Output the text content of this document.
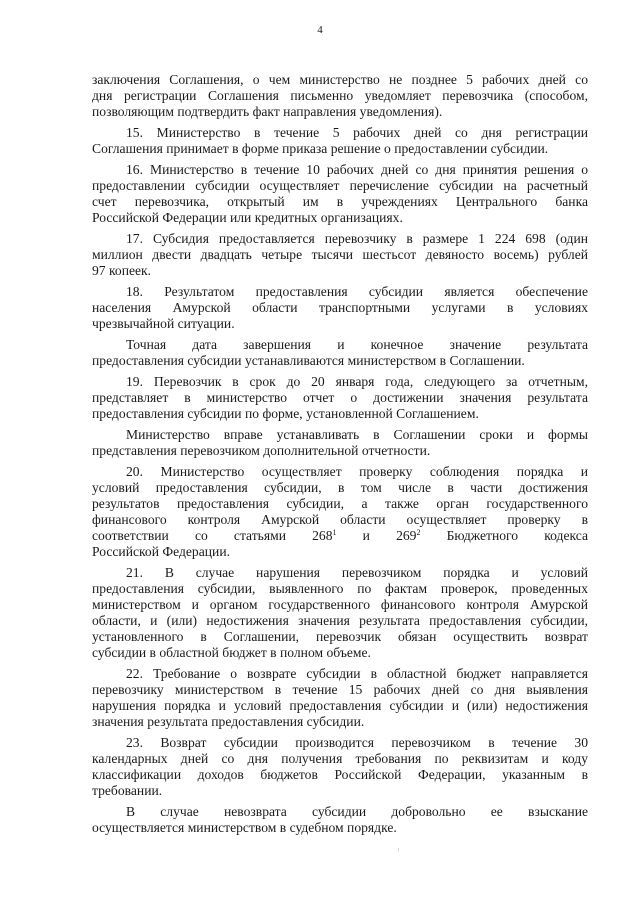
4
заключения Соглашения, о чем министерство не позднее 5 рабочих дней со
дня регистрации Соглашения письменно уведомляет перевозчика (способом,
позволяющим подтвердить факт направления уведомления).
15. Министерство в течение 5 рабочих дней со дня регистрации
Соглашения принимает в форме приказа решение о предоставлении субсидии.
16. Министерство в течение 10 рабочих дней со дня принятия решения о
предоставлении субсидии осуществляет перечисление субсидии на расчетный
счет перевозчика, открытый им в учреждениях Центрального банка
Российской Федерации или кредитных организациях.
17. Субсидия предоставляется перевозчику в размере 1 224 698 (один
миллион двести двадцать четыре тысячи шестьсот девяносто восемь) рублей
97 копеек.
18. Результатом предоставления субсидии является обеспечение
населения Амурской области транспортными услугами в условиях
чрезвычайной ситуации.
Точная дата завершения и конечное значение результата
предоставления субсидии устанавливаются министерством в Соглашении.
19. Перевозчик в срок до 20 января года, следующего за отчетным,
представляет в министерство отчет о достижении значения результата
предоставления субсидии по форме, установленной Соглашением.
Министерство вправе устанавливать в Соглашении сроки и формы
представления перевозчиком дополнительной отчетности.
20. Министерство осуществляет проверку соблюдения порядка и
условий предоставления субсидии, в том числе в части достижения
результатов предоставления субсидии, а также орган государственного
финансового контроля Амурской области осуществляет проверку в
соответствии со статьями $268^1$ и $269^2$ Бюджетного кодекса
Российской Федерации.
21. В случае нарушения перевозчиком порядка и условий
предоставления субсидии, выявленного по фактам проверок, проведенных
министерством и органом государственного финансового контроля Амурской
области, и (или) недостижения значения результата предоставления субсидии,
установленного в Соглашении, перевозчик обязан осуществить возврат
субсидии в областной бюджет в полном объеме.
22. Требование о возврате субсидии в областной бюджет направляется
перевозчику министерством в течение 15 рабочих дней со дня выявления
нарушения порядка и условий предоставления субсидии и (или) недостижения
значения результата предоставления субсидии.
23. Возврат субсидии производится перевозчиком в течение 30
календарных дней со дня получения требования по реквизитам и коду
классификации доходов бюджетов Российской Федерации, указанным в
требовании.
В случае невозврата субсидии добровольно ее взыскание
осуществляется министерством в судебном порядке.
